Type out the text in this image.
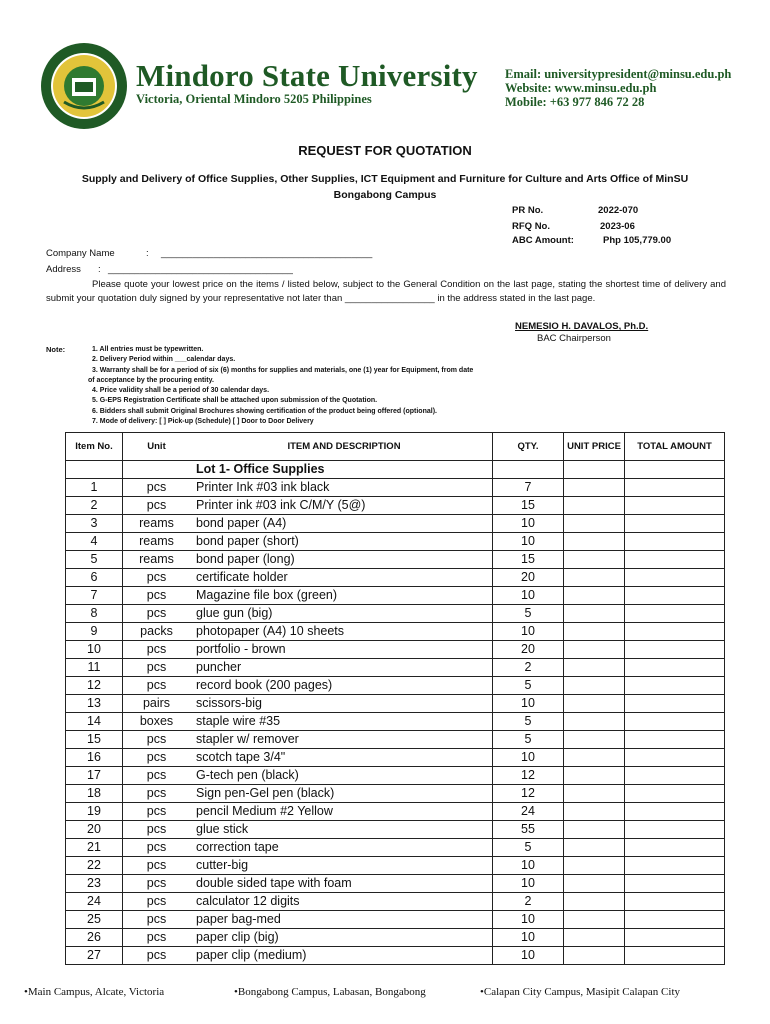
Mindoro State University
Victoria, Oriental Mindoro 5205 Philippines
Email: universitypresident@minsu.edu.ph
Website: www.minsu.edu.ph
Mobile: +63 977 846 72 28
REQUEST FOR QUOTATION
Supply and Delivery of Office Supplies, Other Supplies, ICT Equipment and Furniture for Culture and Arts Office of MinSU
Bongabong Campus
PR No.	2022-070
RFQ No.	2023-06
ABC Amount:	Php 105,779.00
Company Name	: ________________________________________
Address : ___________________________________
Please quote your lowest price on the items / listed below, subject to the General Condition on the last page, stating the shortest time of delivery and submit your quotation duly signed by your representative not later than _________________ in the address stated in the last page.
NEMESIO H. DAVALOS, Ph.D.
BAC Chairperson
Note:	1. All entries must be typewritten.
2. Delivery Period within ___calendar days.
3. Warranty shall be for a period of six (6) months for supplies and materials, one (1) year for Equipment, from date
of acceptance by the procuring entity.
4. Price validity shall be a period of 30 calendar days.
5. G-EPS Registration Certificate shall be attached upon submission of the Quotation.
6. Bidders shall submit Original Brochures showing certification of the product being offered (optional).
7. Mode of delivery: [ ] Pick-up (Schedule) [ ] Door to Door Delivery
Item No.	Unit	ITEM AND DESCRIPTION	QTY.	UNIT PRICE	TOTAL AMOUNT
		Lot 1- Office Supplies			
1	pcs	Printer Ink #03 ink black	7		
2	pcs	Printer ink #03 ink C/M/Y (5@)	15		
3	reams	bond paper (A4)	10		
4	reams	bond paper (short)	10		
5	reams	bond paper (long)	15		
6	pcs	certificate holder	20		
7	pcs	Magazine file box (green)	10		
8	pcs	glue gun (big)	5		
9	packs	photopaper (A4) 10 sheets	10		
10	pcs	portfolio - brown	20		
11	pcs	puncher	2		
12	pcs	record book (200 pages)	5		
13	pairs	scissors-big	10		
14	boxes	staple wire #35	5		
15	pcs	stapler w/ remover	5		
16	pcs	scotch tape 3/4"	10		
17	pcs	G-tech pen (black)	12		
18	pcs	Sign pen-Gel pen (black)	12		
19	pcs	pencil Medium #2 Yellow	24		
20	pcs	glue stick	55		
21	pcs	correction tape	5		
22	pcs	cutter-big	10		
23	pcs	double sided tape with foam	10		
24	pcs	calculator 12 digits	2		
25	pcs	paper bag-med	10		
26	pcs	paper clip (big)	10		
27	pcs	paper clip (medium)	10		
•Main Campus, Alcate, Victoria	•Bongabong Campus, Labasan, Bongabong	•Calapan City Campus, Masipit Calapan City
